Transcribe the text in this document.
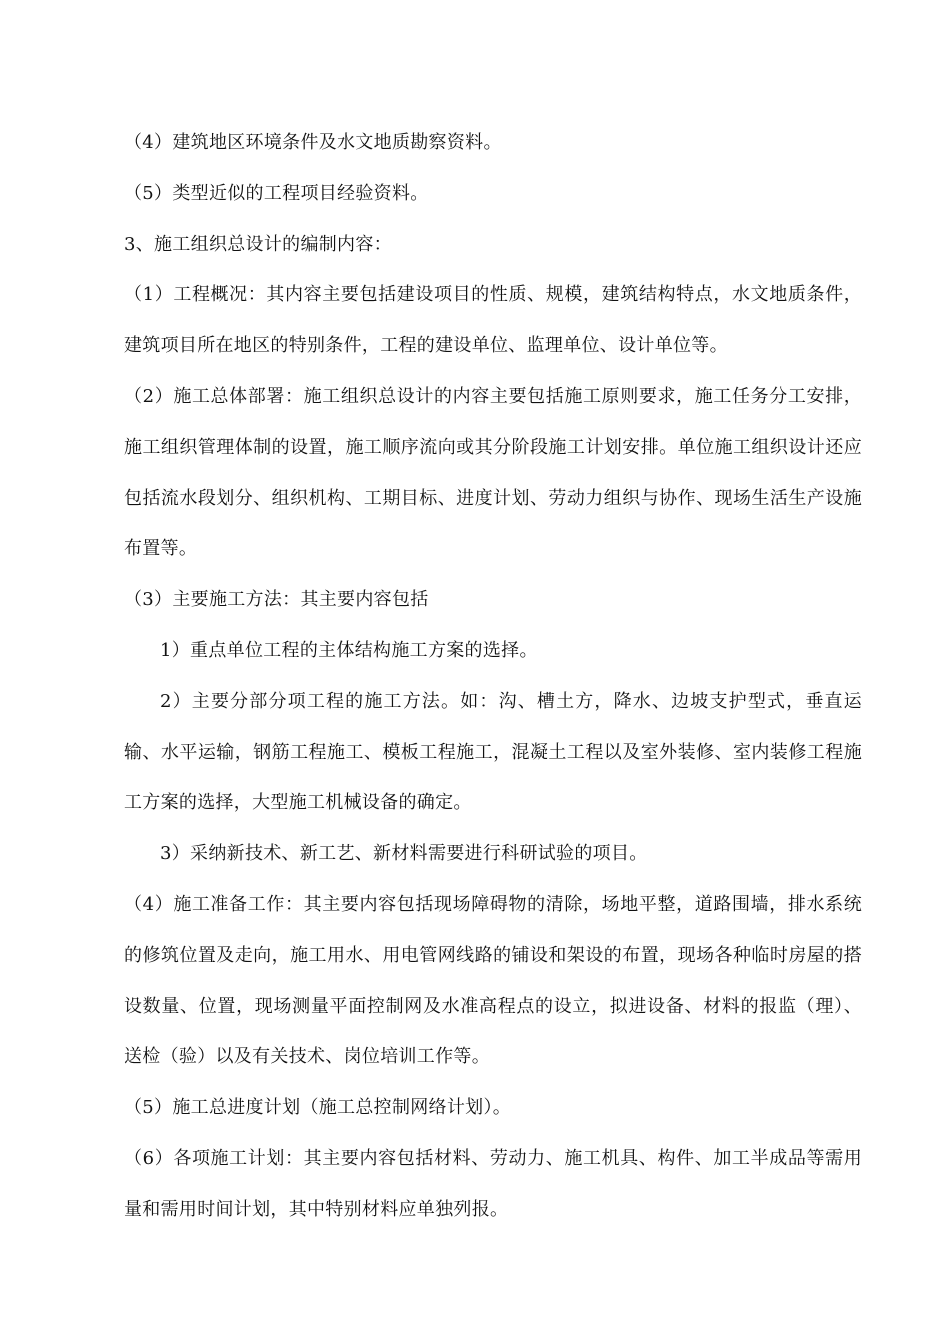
（4）建筑地区环境条件及水文地质勘察资料。

（5）类型近似的工程项目经验资料。

3、施工组织总设计的编制内容：

（1）工程概况：其内容主要包括建设项目的性质、规模，建筑结构特点，水文地质条件，建筑项目所在地区的特别条件，工程的建设单位、监理单位、设计单位等。

（2）施工总体部署：施工组织总设计的内容主要包括施工原则要求，施工任务分工安排，施工组织管理体制的设置，施工顺序流向或其分阶段施工计划安排。单位施工组织设计还应包括流水段划分、组织机构、工期目标、进度计划、劳动力组织与协作、现场生活生产设施布置等。

（3）主要施工方法：其主要内容包括

1）重点单位工程的主体结构施工方案的选择。

2）主要分部分项工程的施工方法。如：沟、槽土方，降水、边坡支护型式，垂直运输、水平运输，钢筋工程施工、模板工程施工，混凝土工程以及室外装修、室内装修工程施工方案的选择，大型施工机械设备的确定。

3）采纳新技术、新工艺、新材料需要进行科研试验的项目。

（4）施工准备工作：其主要内容包括现场障碍物的清除，场地平整，道路围墙，排水系统的修筑位置及走向，施工用水、用电管网线路的铺设和架设的布置，现场各种临时房屋的搭设数量、位置，现场测量平面控制网及水准高程点的设立，拟进设备、材料的报监（理）、送检（验）以及有关技术、岗位培训工作等。

（5）施工总进度计划（施工总控制网络计划）。

（6）各项施工计划：其主要内容包括材料、劳动力、施工机具、构件、加工半成品等需用量和需用时间计划，其中特别材料应单独列报。
